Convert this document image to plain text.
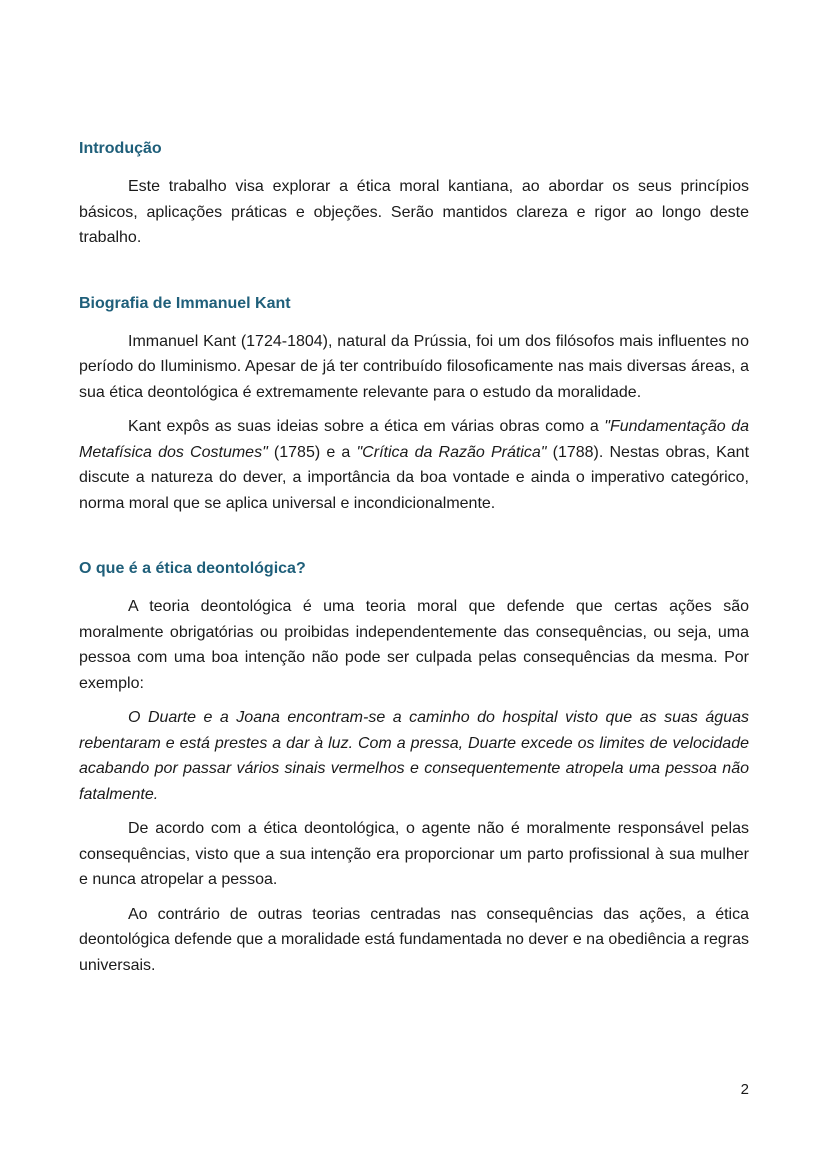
Introdução

Este trabalho visa explorar a ética moral kantiana, ao abordar os seus princípios básicos, aplicações práticas e objeções. Serão mantidos clareza e rigor ao longo deste trabalho.

Biografia de Immanuel Kant

Immanuel Kant (1724-1804), natural da Prússia, foi um dos filósofos mais influentes no período do Iluminismo. Apesar de já ter contribuído filosoficamente nas mais diversas áreas, a sua ética deontológica é extremamente relevante para o estudo da moralidade.

Kant expôs as suas ideias sobre a ética em várias obras como a "Fundamentação da Metafísica dos Costumes" (1785) e a "Crítica da Razão Prática" (1788). Nestas obras, Kant discute a natureza do dever, a importância da boa vontade e ainda o imperativo categórico, norma moral que se aplica universal e incondicionalmente.

O que é a ética deontológica?

A teoria deontológica é uma teoria moral que defende que certas ações são moralmente obrigatórias ou proibidas independentemente das consequências, ou seja, uma pessoa com uma boa intenção não pode ser culpada pelas consequências da mesma. Por exemplo:

O Duarte e a Joana encontram-se a caminho do hospital visto que as suas águas rebentaram e está prestes a dar à luz. Com a pressa, Duarte excede os limites de velocidade acabando por passar vários sinais vermelhos e consequentemente atropela uma pessoa não fatalmente.

De acordo com a ética deontológica, o agente não é moralmente responsável pelas consequências, visto que a sua intenção era proporcionar um parto profissional à sua mulher e nunca atropelar a pessoa.

Ao contrário de outras teorias centradas nas consequências das ações, a ética deontológica defende que a moralidade está fundamentada no dever e na obediência a regras universais.

2
